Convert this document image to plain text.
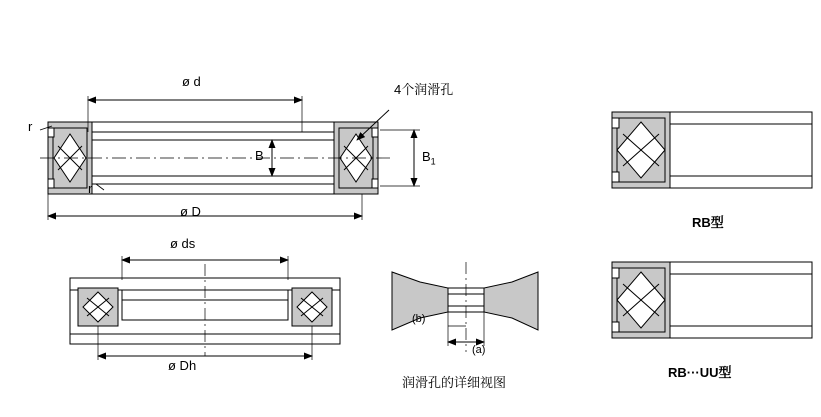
ø d
ø D
B	$B_1$
r
r
4个润滑孔
ø ds
ø Dh
(b)
(a)
润滑孔的详细视图
RB型
RB···UU型
